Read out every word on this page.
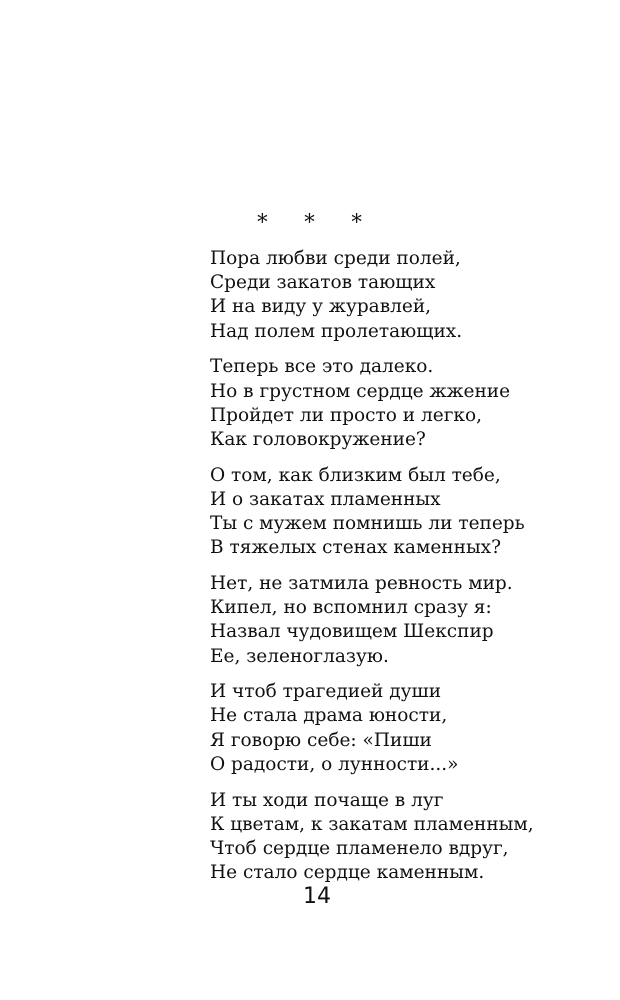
* * *
Пора любви среди полей,
Среди закатов тающих
И на виду у журавлей,
Над полем пролетающих.
Теперь все это далеко.
Но в грустном сердце жжение
Пройдет ли просто и легко,
Как головокружение?
О том, как близким был тебе,
И о закатах пламенных
Ты с мужем помнишь ли теперь
В тяжелых стенах каменных?
Нет, не затмила ревность мир.
Кипел, но вспомнил сразу я:
Назвал чудовищем Шекспир
Ее, зеленоглазую.
И чтоб трагедией души
Не стала драма юности,
Я говорю себе: «Пиши
О радости, о лунности...»
И ты ходи почаще в луг
К цветам, к закатам пламенным,
Чтоб сердце пламенело вдруг,
Не стало сердце каменным.
14
